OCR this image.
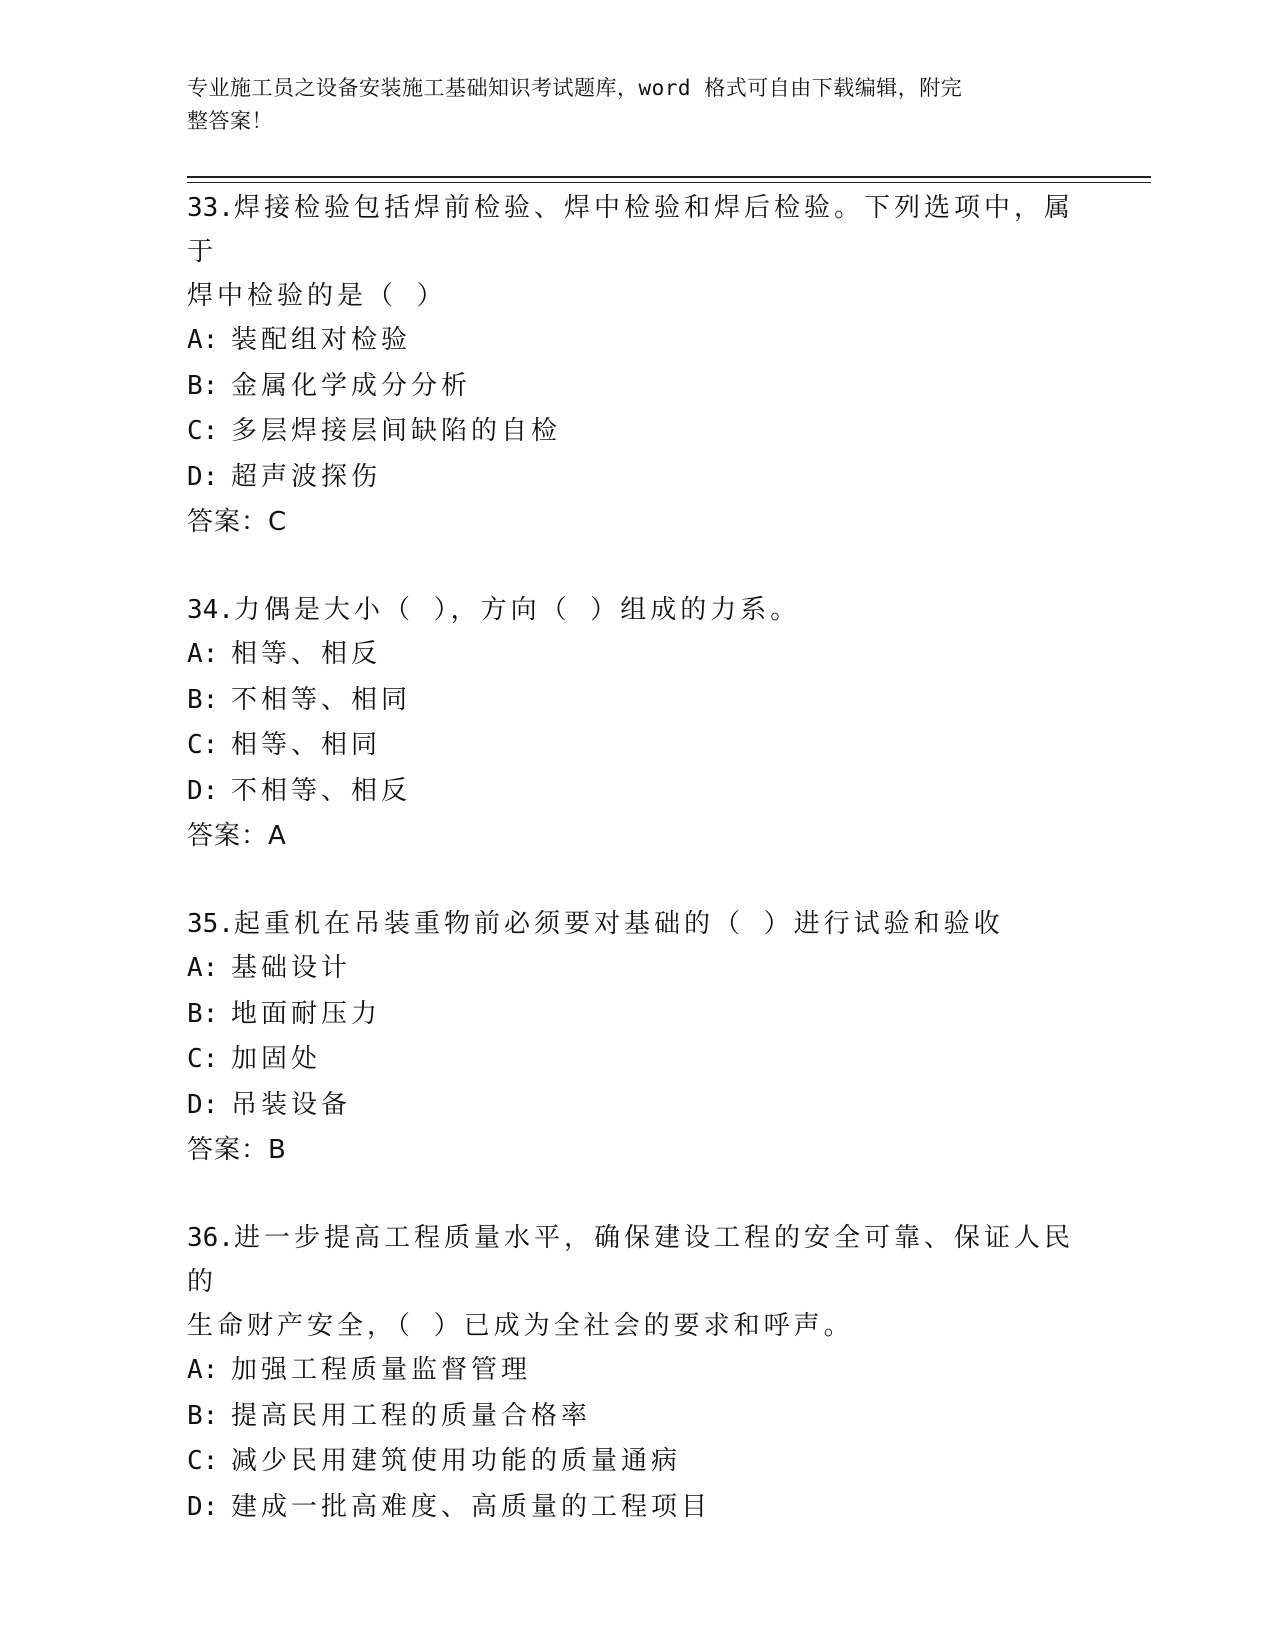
专业施工员之设备安装施工基础知识考试题库，word 格式可自由下载编辑，附完
整答案！

33.焊接检验包括焊前检验、焊中检验和焊后检验。下列选项中，属于

焊中检验的是（ ）

A: 装配组对检验
B: 金属化学成分分析
C: 多层焊接层间缺陷的自检
D: 超声波探伤

答案：C

34.力偶是大小（ ），方向（ ）组成的力系。

A: 相等、相反
B: 不相等、相同
C: 相等、相同
D: 不相等、相反

答案：A

35.起重机在吊装重物前必须要对基础的（ ）进行试验和验收

A: 基础设计
B: 地面耐压力
C: 加固处
D: 吊装设备

答案：B

36.进一步提高工程质量水平，确保建设工程的安全可靠、保证人民的

生命财产安全，（ ）已成为全社会的要求和呼声。

A: 加强工程质量监督管理
B: 提高民用工程的质量合格率
C: 减少民用建筑使用功能的质量通病
D: 建成一批高难度、高质量的工程项目
